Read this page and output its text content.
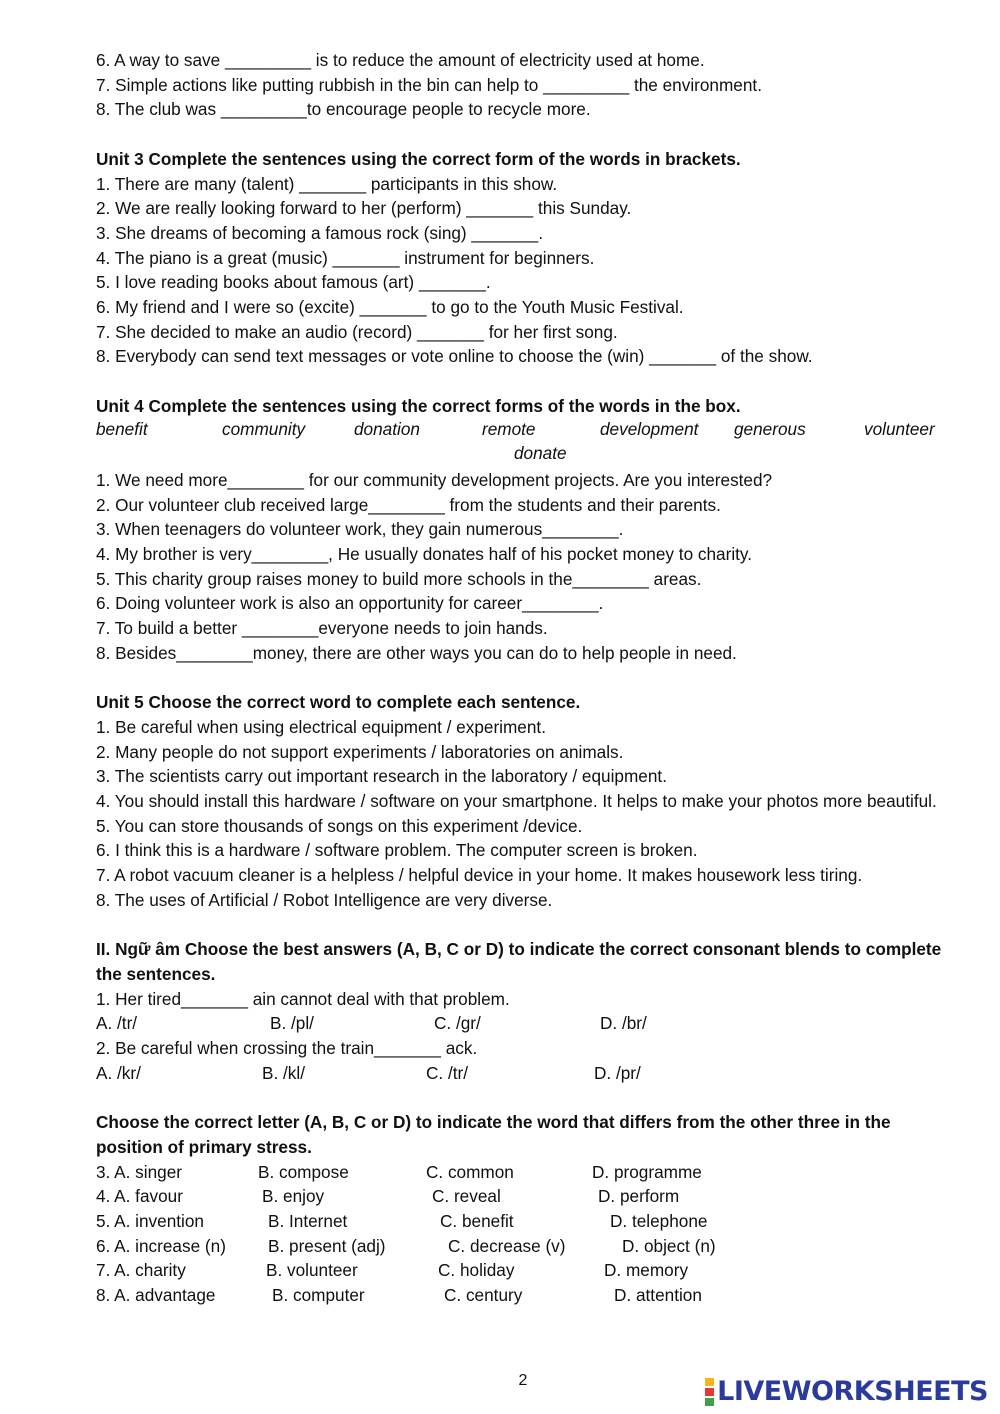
6. A way to save _________ is to reduce the amount of electricity used at home.
7. Simple actions like putting rubbish in the bin can help to _________ the environment.
8. The club was _________to encourage people to recycle more.
Unit 3 Complete the sentences using the correct form of the words in brackets.
1. There are many (talent) _______ participants in this show.
2. We are really looking forward to her (perform) _______ this Sunday.
3. She dreams of becoming a famous rock (sing) _______.
4. The piano is a great (music) _______ instrument for beginners.
5. I love reading books about famous (art) _______.
6. My friend and I were so (excite) _______ to go to the Youth Music Festival.
7. She decided to make an audio (record) _______ for her first song.
8. Everybody can send text messages or vote online to choose the (win) _______ of the show.
Unit 4 Complete the sentences using the correct forms of the words in the box.
benefit	community	donation	remote	development generous	volunteer
donate
1. We need more________ for our community development projects. Are you interested?
2. Our volunteer club received large________ from the students and their parents.
3. When teenagers do volunteer work, they gain numerous________.
4. My brother is very________, He usually donates half of his pocket money to charity.
5. This charity group raises money to build more schools in the________ areas.
6. Doing volunteer work is also an opportunity for career________.
7. To build a better ________everyone needs to join hands.
8. Besides________money, there are other ways you can do to help people in need.
Unit 5 Choose the correct word to complete each sentence.
1. Be careful when using electrical equipment / experiment.
2. Many people do not support experiments / laboratories on animals.
3. The scientists carry out important research in the laboratory / equipment.
4. You should install this hardware / software on your smartphone. It helps to make your photos more beautiful.
5. You can store thousands of songs on this experiment /device.
6. I think this is a hardware / software problem. The computer screen is broken.
7. A robot vacuum cleaner is a helpless / helpful device in your home. It makes housework less tiring.
8. The uses of Artificial / Robot Intelligence are very diverse.
II. Ngữ âm Choose the best answers (A, B, C or D) to indicate the correct consonant blends to complete the sentences.
1. Her tired_______ ain cannot deal with that problem.
A. /tr/	B. /pl/	C. /gr/	D. /br/
2. Be careful when crossing the train_______ ack.
A. /kr/	B. /kl/	C. /tr/	D. /pr/
Choose the correct letter (A, B, C or D) to indicate the word that differs from the other three in the position of primary stress.
3. A. singer	B. compose	C. common	D. programme
4. A. favour	B. enjoy	C. reveal	D. perform
5. A. invention	B. Internet	C. benefit	D. telephone
6. A. increase (n) B. present (adj)	C. decrease (v)	D. object (n)
7. A. charity	B. volunteer	C. holiday	D. memory
8. A. advantage	B. computer	C. century	D. attention
2	LIVEWORKSHEETS
